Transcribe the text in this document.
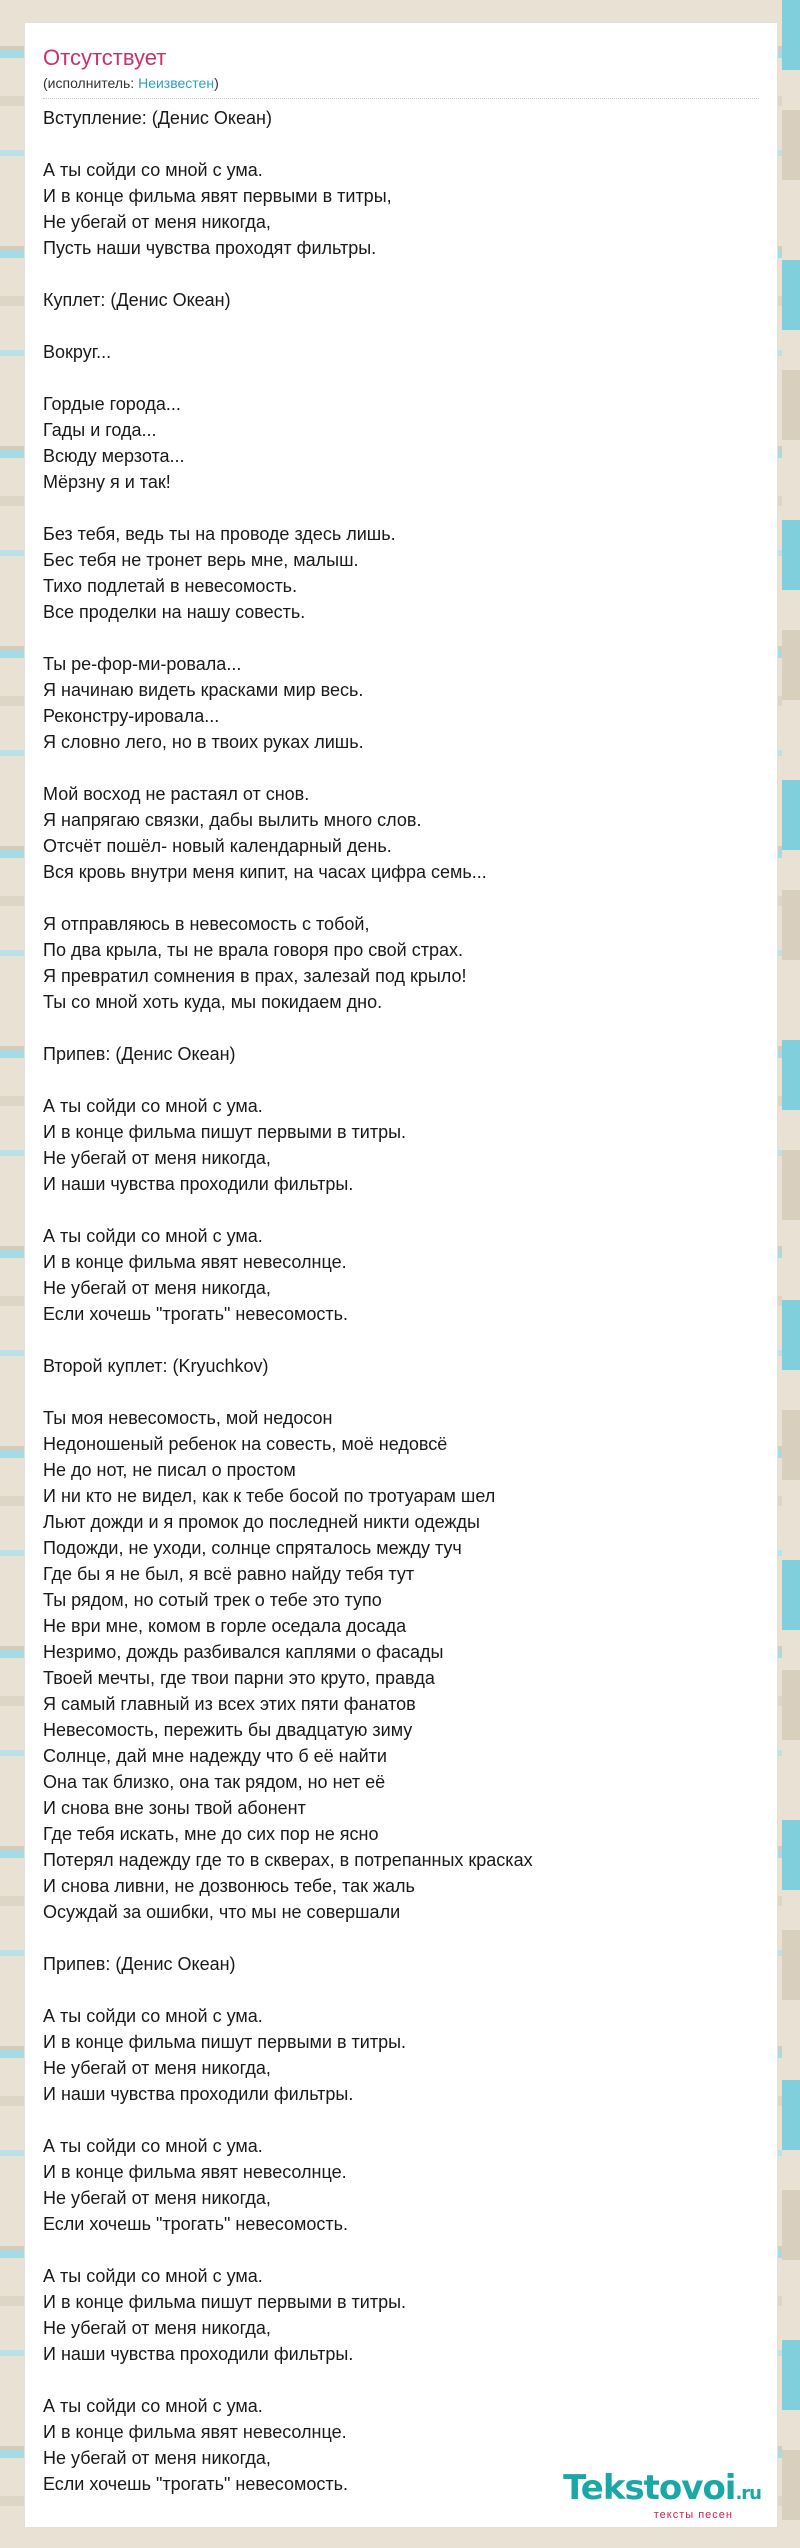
Отсутствует
(исполнитель: Неизвестен)
Вступление: (Денис Океан)

А ты сойди со мной с ума.
И в конце фильма явят первыми в титры,
Не убегай от меня никогда,
Пусть наши чувства проходят фильтры.

Куплет: (Денис Океан)

Вокруг...

Гордые города...
Гады и года...
Всюду мерзота...
Мёрзну я и так!

Без тебя, ведь ты на проводе здесь лишь.
Бес тебя не тронет верь мне, малыш.
Тихо подлетай в невесомость.
Все проделки на нашу совесть.

Ты ре-фор-ми-ровала...
Я начинаю видеть красками мир весь.
Реконстру-ировала...
Я словно лего, но в твоих руках лишь.

Мой восход не растаял от снов.
Я напрягаю связки, дабы вылить много слов.
Отсчёт пошёл- новый календарный день.
Вся кровь внутри меня кипит, на часах цифра семь...

Я отправляюсь в невесомость с тобой,
По два крыла, ты не врала говоря про свой страх.
Я превратил сомнения в прах, залезай под крыло!
Ты со мной хоть куда, мы покидаем дно.

Припев: (Денис Океан)

А ты сойди со мной с ума.
И в конце фильма пишут первыми в титры.
Не убегай от меня никогда,
И наши чувства проходили фильтры.

А ты сойди со мной с ума.
И в конце фильма явят невесолнце.
Не убегай от меня никогда,
Если хочешь "трогать" невесомость.

Второй куплет: (Kryuchkov)

Ты моя невесомость, мой недосон
Недоношеный ребенок на совесть, моё недовсё
Не до нот, не писал о простом
И ни кто не видел, как к тебе босой по тротуарам шел
Льют дожди и я промок до последней никти одежды
Подожди, не уходи, солнце спряталось между туч
Где бы я не был, я всё равно найду тебя тут
Ты рядом, но сотый трек о тебе это тупо
Не ври мне, комом в горле оседала досада
Незримо, дождь разбивался каплями о фасады
Твоей мечты, где твои парни это круто, правда
Я самый главный из всех этих пяти фанатов
Невесомость, пережить бы двадцатую зиму
Солнце, дай мне надежду что б её найти
Она так близко, она так рядом, но нет её
И снова вне зоны твой абонент
Где тебя искать, мне до сих пор не ясно
Потерял надежду где то в скверах, в потрепанных красках
И снова ливни, не дозвонюсь тебе, так жаль
Осуждай за ошибки, что мы не совершали

Припев: (Денис Океан)

А ты сойди со мной с ума.
И в конце фильма пишут первыми в титры.
Не убегай от меня никогда,
И наши чувства проходили фильтры.

А ты сойди со мной с ума.
И в конце фильма явят невесолнце.
Не убегай от меня никогда,
Если хочешь "трогать" невесомость.

А ты сойди со мной с ума.
И в конце фильма пишут первыми в титры.
Не убегай от меня никогда,
И наши чувства проходили фильтры.

А ты сойди со мной с ума.
И в конце фильма явят невесолнце.
Не убегай от меня никогда,
Если хочешь "трогать" невесомость.	Tekstovoi.ru
тексты песен
